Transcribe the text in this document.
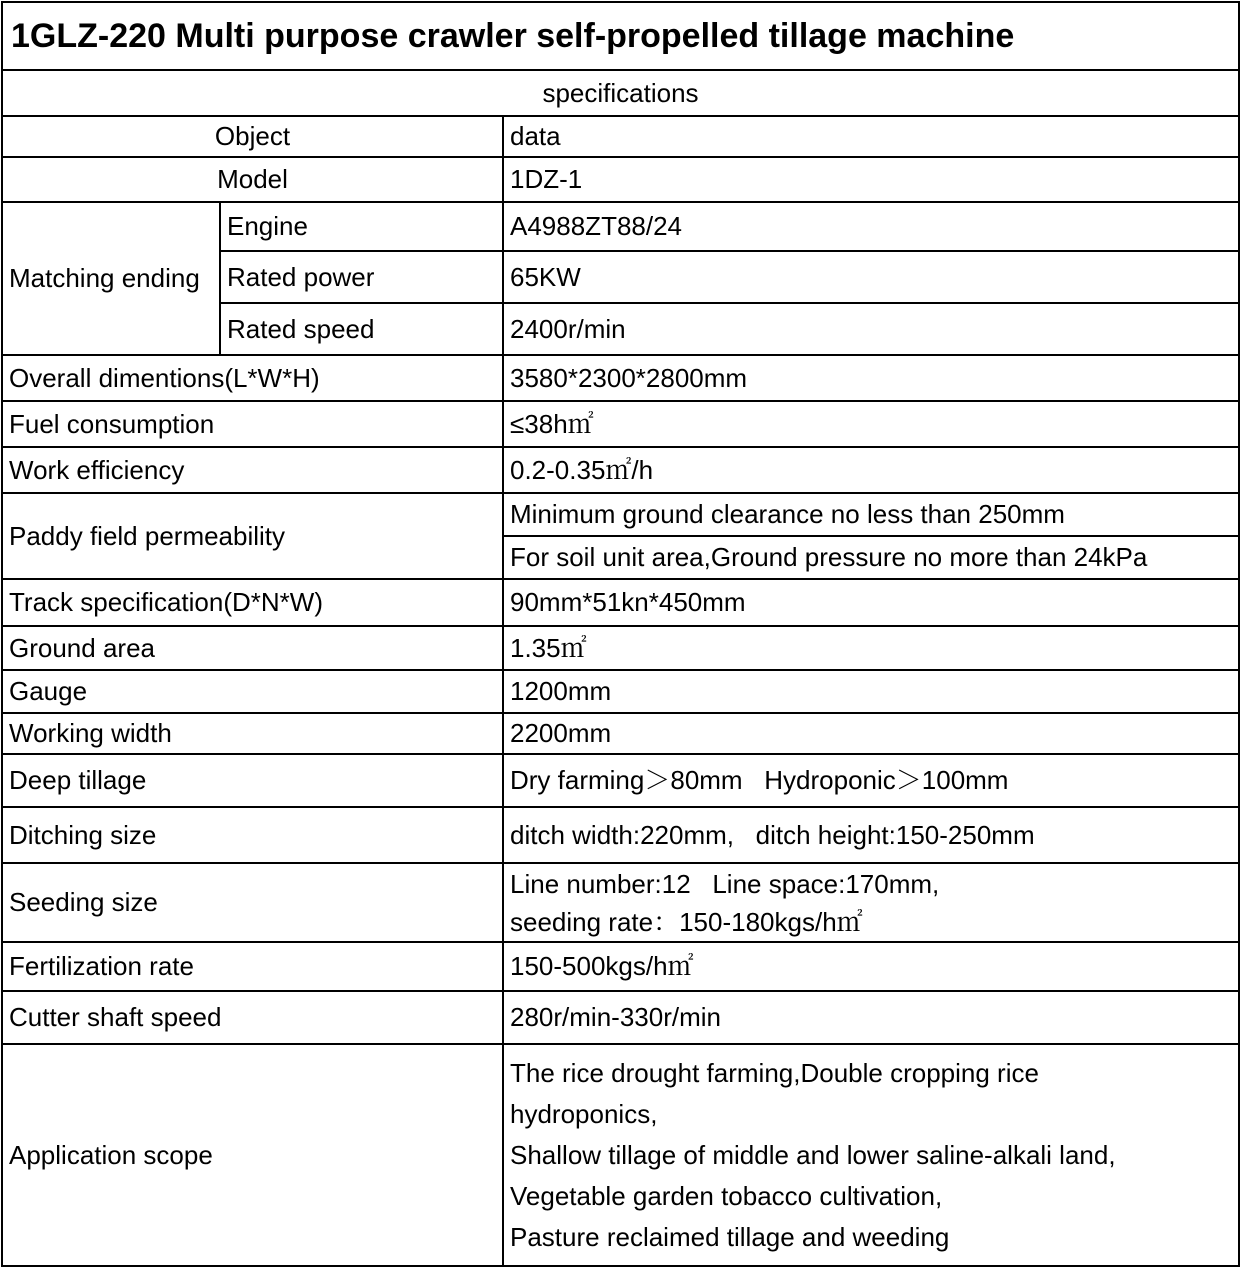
1GLZ-220 Multi purpose crawler self-propelled tillage machine		
specifications		
Object		data
Model		1DZ-1
Matching ending	Engine	A4988ZT88/24
	Rated power	65KW
	Rated speed	2400r/min
Overall dimentions(L*W*H)		3580*2300*2800mm
Fuel consumption		≤38h㎡
Work efficiency		0.2-0.35㎡/h
Paddy field permeability		Minimum ground clearance no less than 250mm
		For soil unit area,Ground pressure no more than 24kPa
Track specification(D*N*W)		90mm*51kn*450mm
Ground area		1.35㎡
Gauge		1200mm
Working width		2200mm
Deep tillage		Dry farming＞80mm   Hydroponic＞100mm
Ditching size		ditch width:220mm,   ditch height:150-250mm
Seeding size		Line number:12   Line space:170mm,
seeding rate：150-180kgs/h㎡

Fertilization rate		150-500kgs/h㎡
Cutter shaft speed		280r/min-330r/min
Application scope		The rice drought farming,Double cropping rice
hydroponics,
Shallow tillage of middle and lower saline-alkali land,
Vegetable garden tobacco cultivation,
Pasture reclaimed tillage and weeding
